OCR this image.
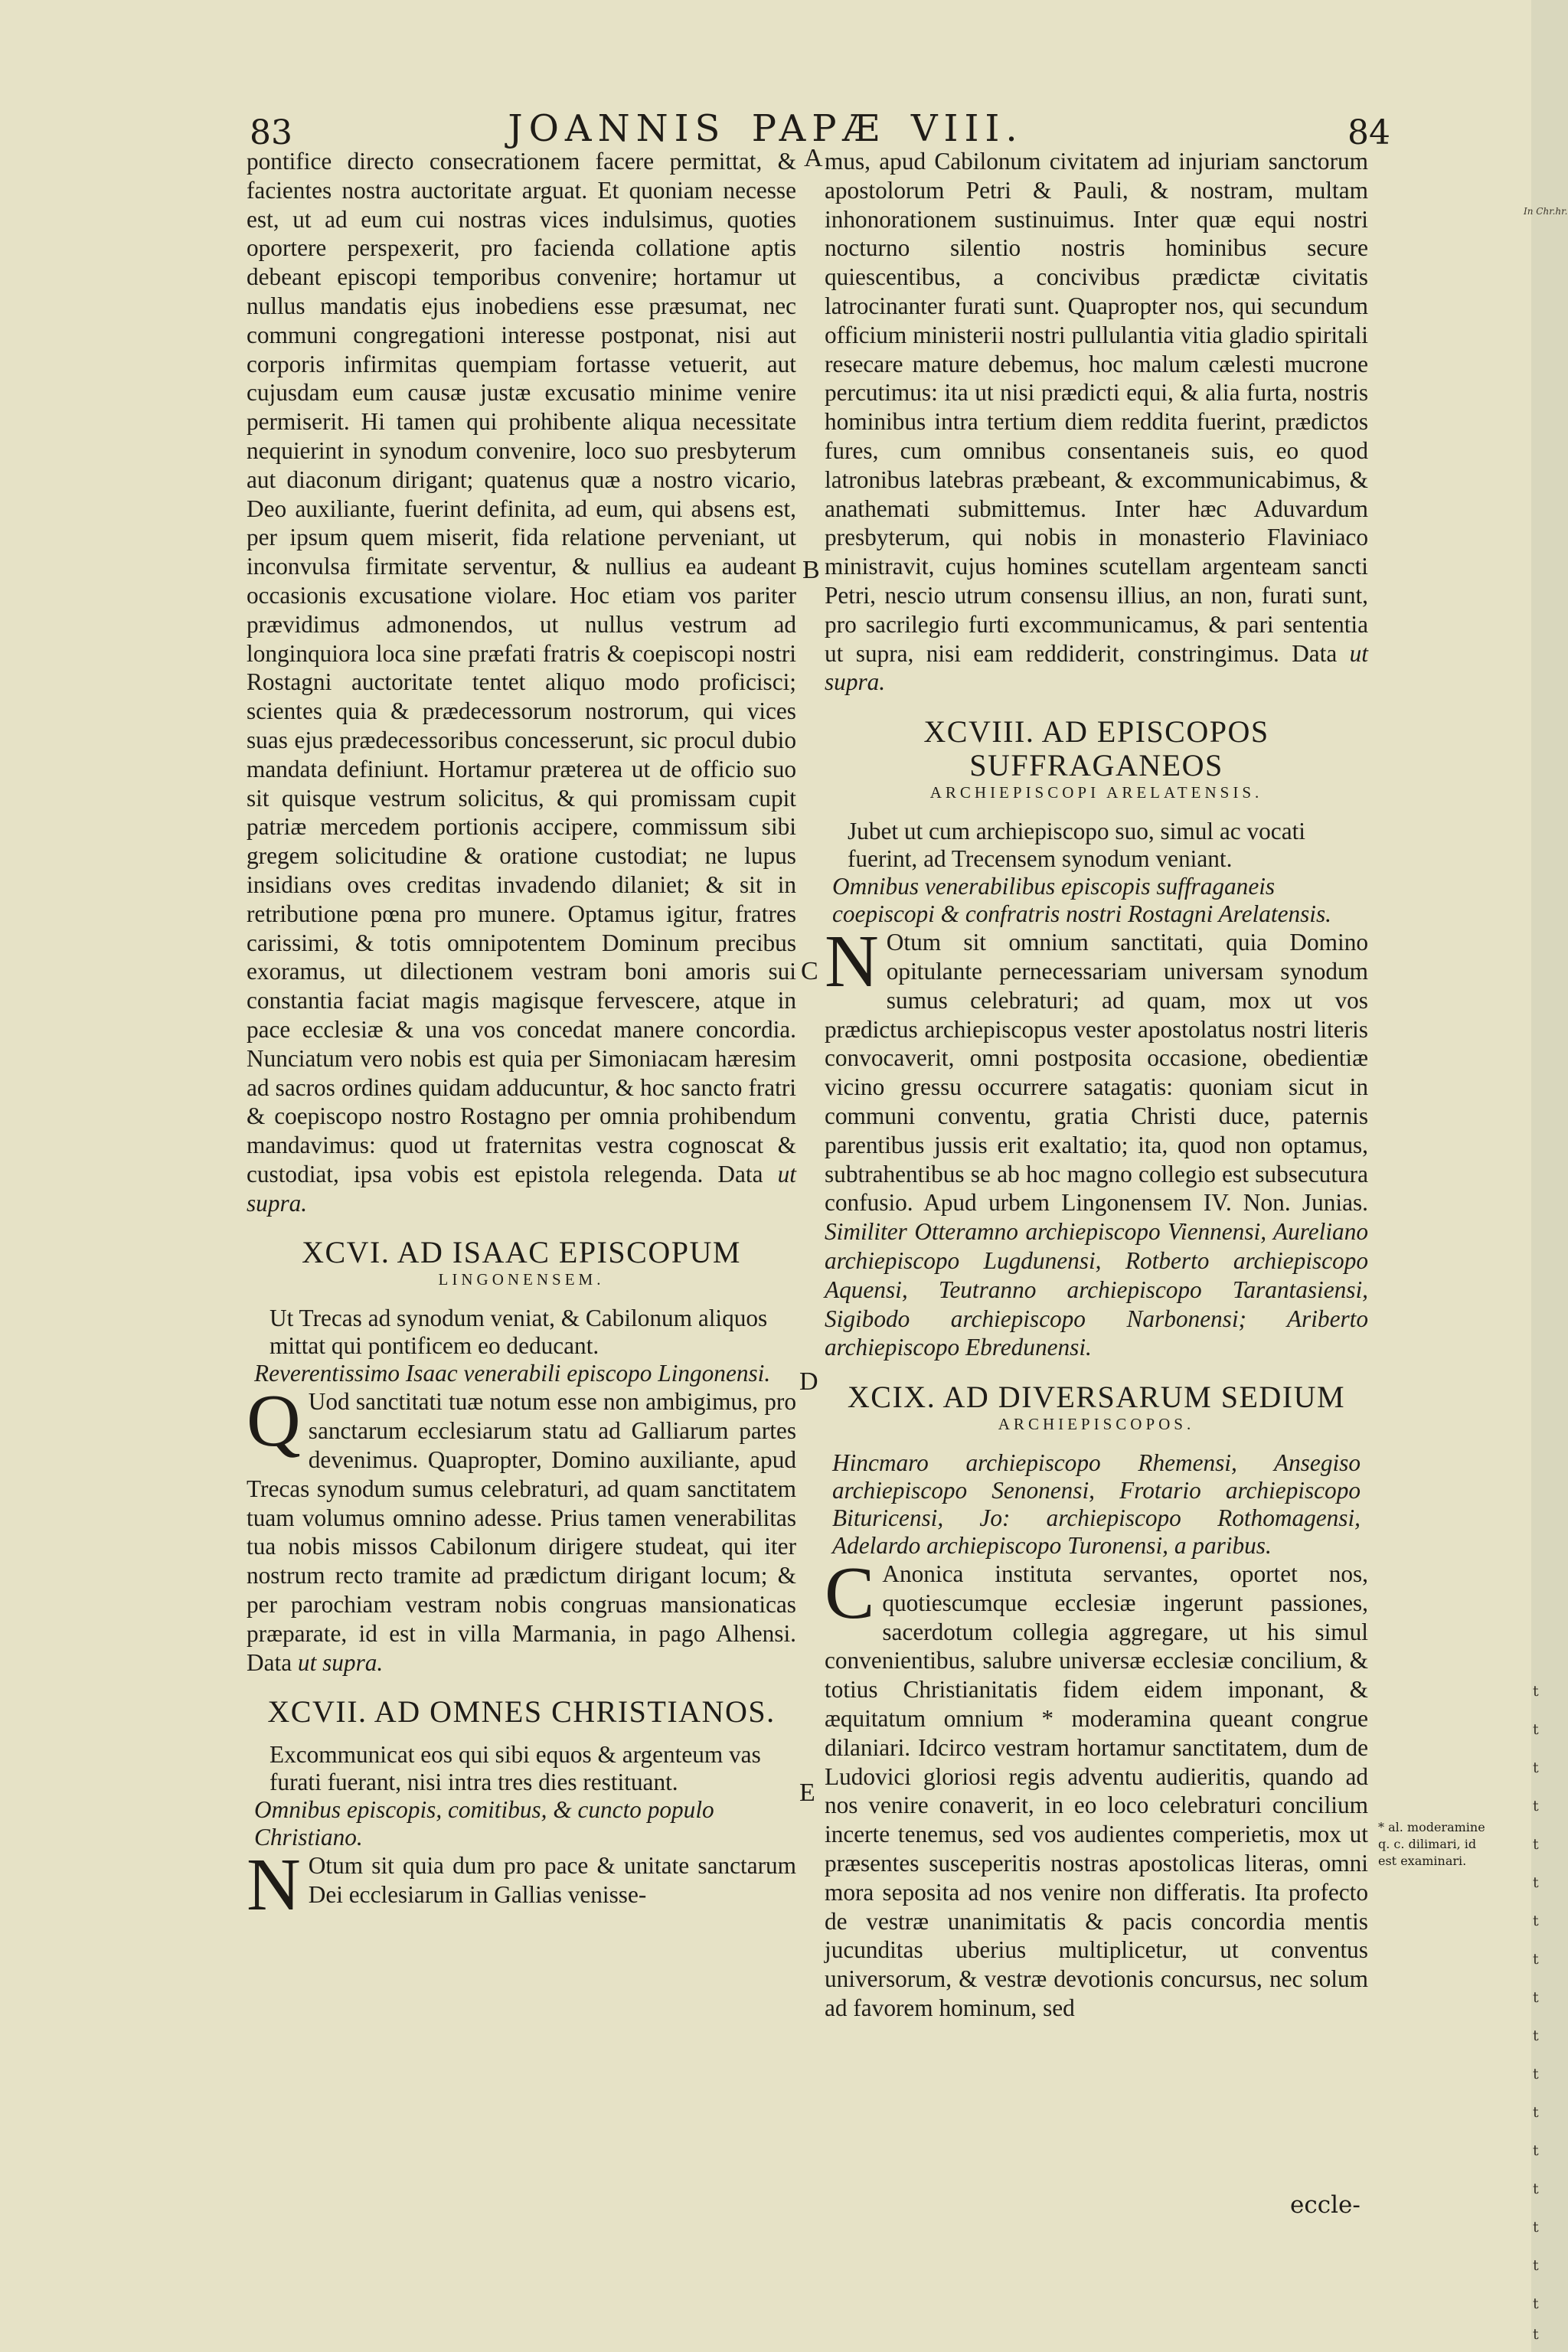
83	JOANNIS PAPÆ VIII.	84

pontifice directo consecrationem facere permittat, & facientes nostra auctoritate arguat. Et quoniam necesse est, ut ad eum cui nostras vices indulsimus, quoties oportere perspexerit, pro facienda collatione aptis debeant episcopi temporibus convenire; hortamur ut nullus mandatis ejus inobediens esse præsumat, nec communi congregationi interesse postponat, nisi aut corporis infirmitas quempiam fortasse vetuerit, aut cujusdam eum causæ justæ excusatio minime venire permiserit. Hi tamen qui prohibente aliqua necessitate nequierint in synodum convenire, loco suo presbyterum aut diaconum dirigant; quatenus quæ a nostro vicario, Deo auxiliante, fuerint definita, ad eum, qui absens est, per ipsum quem miserit, fida relatione perveniant, ut inconvulsa firmitate serventur, & nullius ea audeant occasionis excusatione violare. Hoc etiam vos pariter prævidimus admonendos, ut nullus vestrum ad longinquiora loca sine præfati fratris & coepiscopi nostri Rostagni auctoritate tentet aliquo modo proficisci; scientes quia & prædecessorum nostrorum, qui vices suas ejus prædecessoribus concesserunt, sic procul dubio mandata definiunt. Hortamur præterea ut de officio suo sit quisque vestrum solicitus, & qui promissam cupit patriæ mercedem portionis accipere, commissum sibi gregem solicitudine & oratione custodiat; ne lupus insidians oves creditas invadendo dilaniet; & sit in retributione pœna pro munere. Optamus igitur, fratres carissimi, & totis omnipotentem Dominum precibus exoramus, ut dilectionem vestram boni amoris sui constantia faciat magis magisque fervescere, atque in pace ecclesiæ & una vos concedat manere concordia. Nunciatum vero nobis est quia per Simoniacam hæresim ad sacros ordines quidam adducuntur, & hoc sancto fratri & coepiscopo nostro Rostagno per omnia prohibendum mandavimus: quod ut fraternitas vestra cognoscat & custodiat, ipsa vobis est epistola relegenda. Data ut supra.

XCVI. AD ISAAC EPISCOPUM
LINGONENSEM.

Ut Trecas ad synodum veniat, & Cabilonum aliquos mittat qui pontificem eo deducant.

Reverentissimo Isaac venerabili episcopo Lingonensi.

Q Uod sanctitati tuæ notum esse non ambigimus, pro sanctarum ecclesiarum statu ad Galliarum partes devenimus. Quapropter, Domino auxiliante, apud Trecas synodum sumus celebraturi, ad quam sanctitatem tuam volumus omnino adesse. Prius tamen venerabilitas tua nobis missos Cabilonum dirigere studeat, qui iter nostrum recto tramite ad prædictum dirigant locum; & per parochiam vestram nobis congruas mansionaticas præparate, id est in villa Marmania, in pago Alhensi. Data ut supra.

XCVII. AD OMNES CHRISTIANOS.

Excommunicat eos qui sibi equos & argenteum vas furati fuerant, nisi intra tres dies restituant.

Omnibus episcopis, comitibus, & cuncto populo Christiano.

N Otum sit quia dum pro pace & unitate sanctarum Dei ecclesiarum in Gallias venisse-

mus, apud Cabilonum civitatem ad injuriam sanctorum apostolorum Petri & Pauli, & nostram, multam inhonorationem sustinuimus. Inter quæ equi nostri nocturno silentio nostris hominibus secure quiescentibus, a concivibus prædictæ civitatis latrocinanter furati sunt. Quapropter nos, qui secundum officium ministerii nostri pullulantia vitia gladio spiritali resecare mature debemus, hoc malum cælesti mucrone percutimus: ita ut nisi prædicti equi, & alia furta, nostris hominibus intra tertium diem reddita fuerint, prædictos fures, cum omnibus consentaneis suis, eo quod latronibus latebras præbeant, & excommunicabimus, & anathemati submittemus. Inter hæc Aduvardum presbyterum, qui nobis in monasterio Flaviniaco ministravit, cujus homines scutellam argenteam sancti Petri, nescio utrum consensu illius, an non, furati sunt, pro sacrilegio furti excommunicamus, & pari sententia ut supra, nisi eam reddiderit, constringimus. Data ut supra.

XCVIII. AD EPISCOPOS SUFFRAGANEOS
ARCHIEPISCOPI ARELATENSIS.

Jubet ut cum archiepiscopo suo, simul ac vocati fuerint, ad Trecensem synodum veniant.

Omnibus venerabilibus episcopis suffraganeis coepiscopi & confratris nostri Rostagni Arelatensis.

N Otum sit omnium sanctitati, quia Domino opitulante pernecessariam universam synodum sumus celebraturi; ad quam, mox ut vos prædictus archiepiscopus vester apostolatus nostri literis convocaverit, omni postposita occasione, obedientiæ vicino gressu occurrere satagatis: quoniam sicut in communi conventu, gratia Christi duce, paternis parentibus jussis erit exaltatio; ita, quod non optamus, subtrahentibus se ab hoc magno collegio est subsecutura confusio. Apud urbem Lingonensem IV. Non. Junias. Similiter Otteramno archiepiscopo Viennensi, Aureliano archiepiscopo Lugdunensi, Rotberto archiepiscopo Aquensi, Teutranno archiepiscopo Tarantasiensi, Sigibodo archiepiscopo Narbonensi; Ariberto archiepiscopo Ebredunensi.

XCIX. AD DIVERSARUM SEDIUM
ARCHIEPISCOPOS.

Hincmaro archiepiscopo Rhemensi, Ansegiso archiepiscopo Senonensi, Frotario archiepiscopo Bituricensi, Jo: archiepiscopo Rothomagensi, Adelardo archiepiscopo Turonensi, a paribus.

C Anonica instituta servantes, oportet nos, quotiescumque ecclesiæ ingerunt passiones, sacerdotum collegia aggregare, ut his simul convenientibus, salubre universæ ecclesiæ concilium, & totius Christianitatis fidem eidem imponant, & æquitatum omnium * moderamina queant congrue dilaniari. Idcirco vestram hortamur sanctitatem, dum de Ludovici gloriosi regis adventu audieritis, quando ad nos venire conaverit, in eo loco celebraturi concilium incerte tenemus, sed vos audientes comperietis, mox ut præsentes susceperitis nostras apostolicas literas, omni mora seposita ad nos venire non differatis. Ita profecto de vestræ unanimitatis & pacis concordia mentis jucunditas uberius multiplicetur, ut conventus universorum, & vestræ devotionis concursus, nec solum ad favorem hominum, sed

A
B
C
D
E
* al. moderamine q. c. dilimari, id est examinari.
eccle-
In Chr.hr.
t
t
t
t
t
t
t
t
t
t
t
t
t
t
t
t
t
t
